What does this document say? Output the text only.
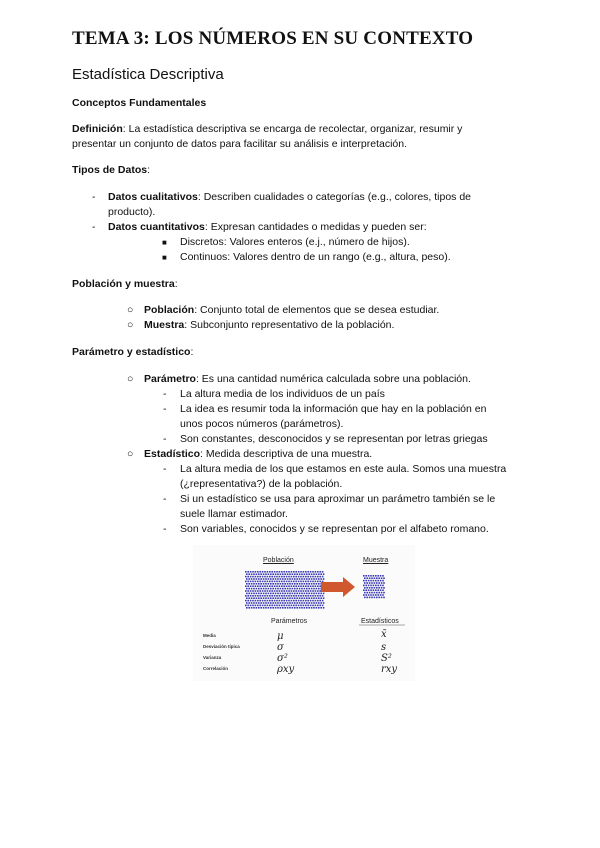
TEMA 3: LOS NÚMEROS EN SU CONTEXTO
Estadística Descriptiva
Conceptos Fundamentales
Definición: La estadística descriptiva se encarga de recolectar, organizar, resumir y
presentar un conjunto de datos para facilitar su análisis e interpretación.
Tipos de Datos:
- Datos cualitativos: Describen cualidades o categorías (e.g., colores, tipos de
producto).
- Datos cuantitativos: Expresan cantidades o medidas y pueden ser:
■ Discretos: Valores enteros (e.j., número de hijos).
■ Continuos: Valores dentro de un rango (e.g., altura, peso).
Población y muestra:
○ Población: Conjunto total de elementos que se desea estudiar.
○ Muestra: Subconjunto representativo de la población.
Parámetro y estadístico:
○ Parámetro: Es una cantidad numérica calculada sobre una población.
- La altura media de los individuos de un país
- La idea es resumir toda la información que hay en la población en
unos pocos números (parámetros).
- Son constantes, desconocidos y se representan por letras griegas
○ Estadístico: Medida descriptiva de una muestra.
- La altura media de los que estamos en este aula. Somos una muestra
(¿representativa?) de la población.
- Si un estadístico se usa para aproximar un parámetro también se le
suele llamar estimador.
- Son variables, conocidos y se representan por el alfabeto romano.
Población	Muestra
Parámetros	Estadísticos
Media
Desviación típica
Varianza
Correlación
μ
σ
σ²
ρxy
x̄
s
S²
rxy
